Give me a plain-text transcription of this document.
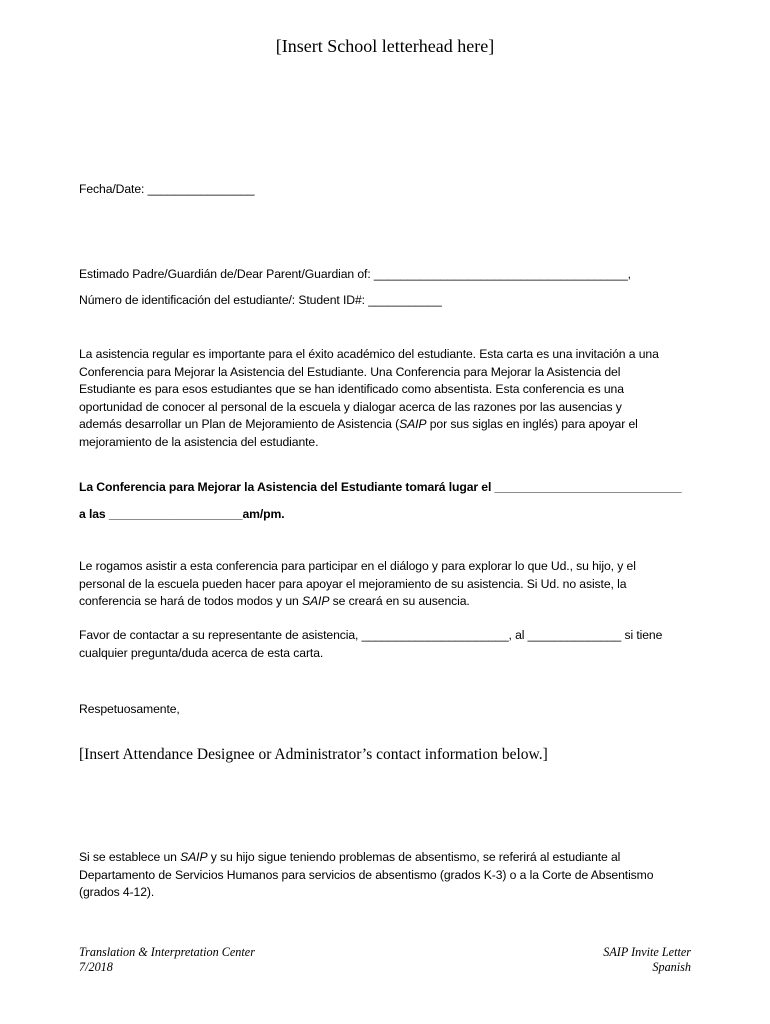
[Insert School letterhead here]
Fecha/Date: ________________
Estimado Padre/Guardián de/Dear Parent/Guardian of: ______________________________________,
Número de identificación del estudiante/: Student ID#: ___________
La asistencia regular es importante para el éxito académico del estudiante. Esta carta es una invitación a una
Conferencia para Mejorar la Asistencia del Estudiante. Una Conferencia para Mejorar la Asistencia del
Estudiante es para esos estudiantes que se han identificado como absentista. Esta conferencia es una
oportunidad de conocer al personal de la escuela y dialogar acerca de las razones por las ausencias y
además desarrollar un Plan de Mejoramiento de Asistencia (SAIP por sus siglas en inglés) para apoyar el
mejoramiento de la asistencia del estudiante.
La Conferencia para Mejorar la Asistencia del Estudiante tomará lugar el ____________________________
a las ____________________am/pm.
Le rogamos asistir a esta conferencia para participar en el diálogo y para explorar lo que Ud., su hijo, y el
personal de la escuela pueden hacer para apoyar el mejoramiento de su asistencia. Si Ud. no asiste, la
conferencia se hará de todos modos y un SAIP se creará en su ausencia.
Favor de contactar a su representante de asistencia, ______________________, al ______________ si tiene
cualquier pregunta/duda acerca de esta carta.
Respetuosamente,
[Insert Attendance Designee or Administrator’s contact information below.]
Si se establece un SAIP y su hijo sigue teniendo problemas de absentismo, se referirá al estudiante al
Departamento de Servicios Humanos para servicios de absentismo (grados K-3) o a la Corte de Absentismo
(grados 4-12).
Translation & Interpretation Center
7/2018
SAIP Invite Letter
Spanish
